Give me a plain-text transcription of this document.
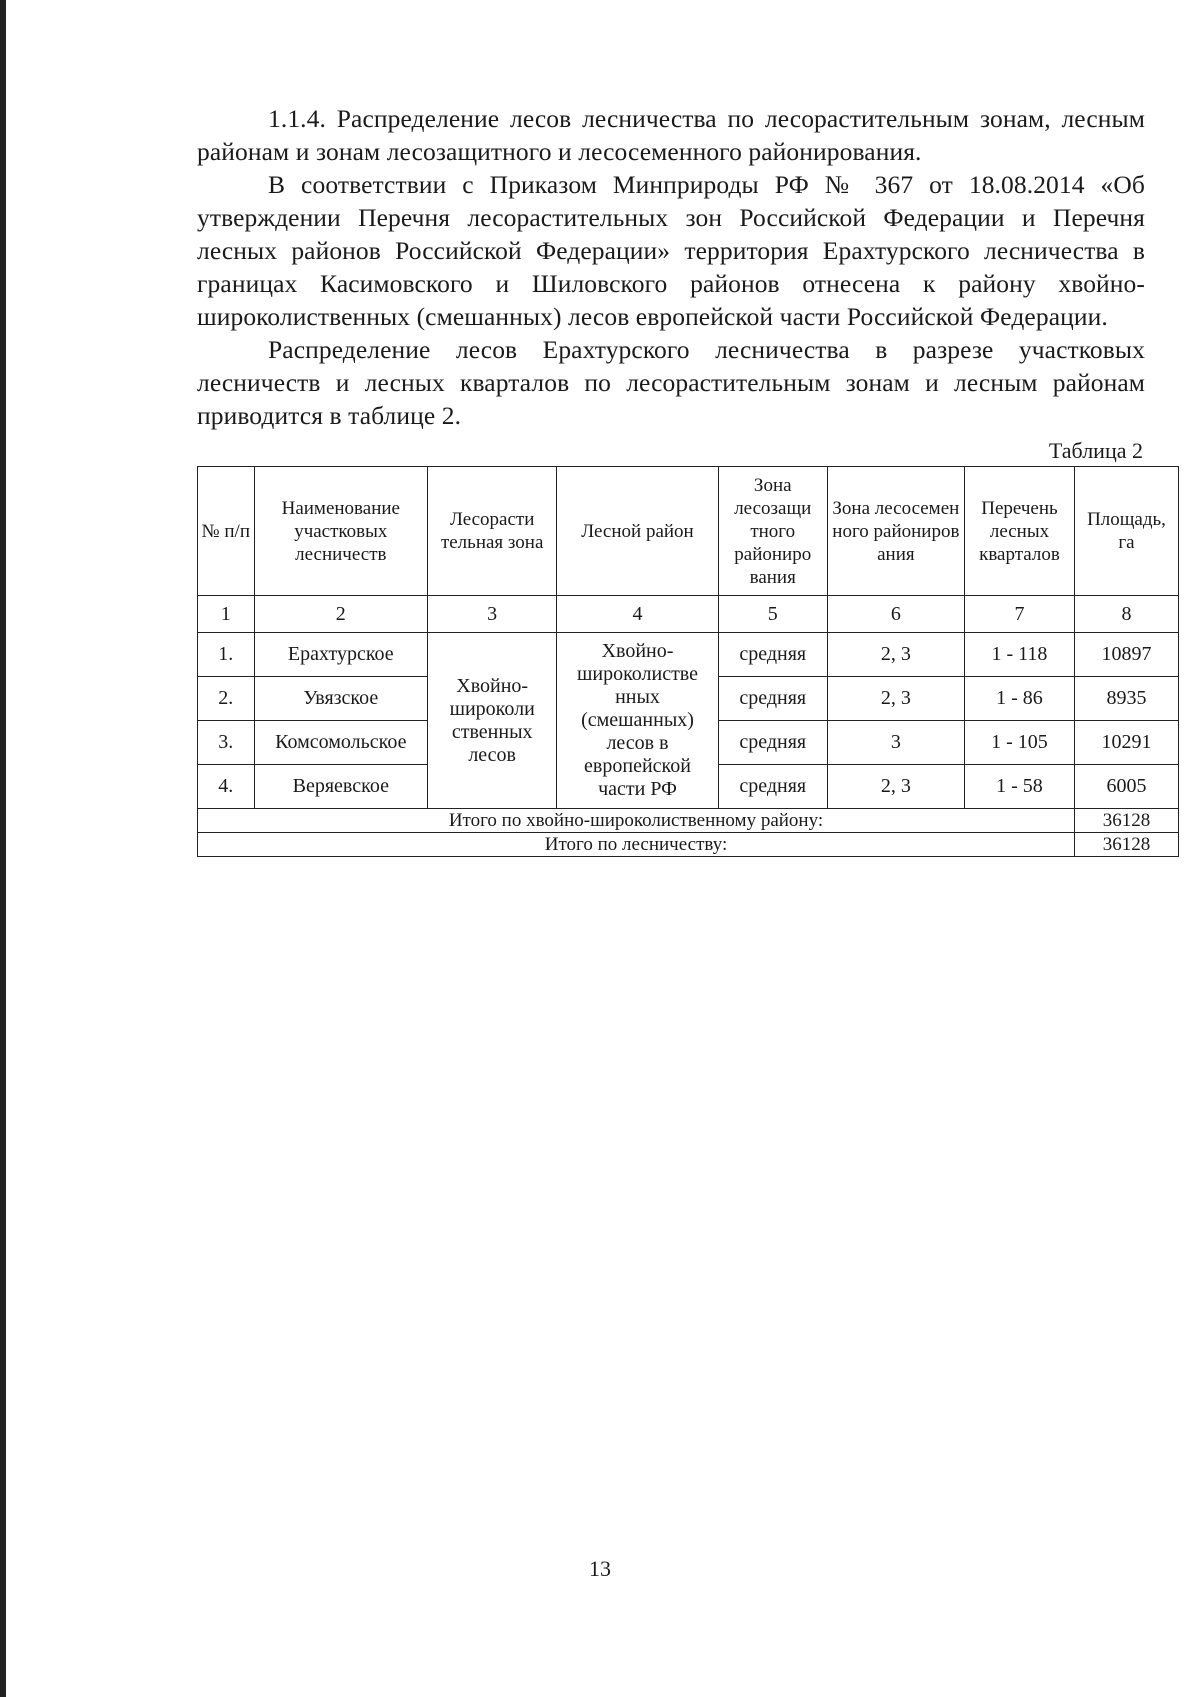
1.1.4. Распределение лесов лесничества по лесорастительным зонам, лесным районам и зонам лесозащитного и лесосеменного районирования.

В соответствии с Приказом Минприроды РФ № 367 от 18.08.2014 «Об утверждении Перечня лесорастительных зон Российской Федерации и Перечня лесных районов Российской Федерации» территория Ерахтурского лесничества в границах Касимовского и Шиловского районов отнесена к району хвойно-широколиственных (смешанных) лесов европейской части Российской Федерации.

Распределение лесов Ерахтурского лесничества в разрезе участковых лесничеств и лесных кварталов по лесорастительным зонам и лесным районам приводится в таблице 2.

Таблица 2
№ п/п	Наименование участковых лесничеств	Лесорасти тельная зона	Лесной район	Зона лесозащи тного райониро вания	Зона лесосемен ного райониров ания	Перечень лесных кварталов	Площадь, га
1	2	3	4	5	6	7	8
1.	Ерахтурское	Хвойно-широколи ственных лесов	Хвойно-широколистве нных (смешанных) лесов в европейской части РФ	средняя	2, 3	1 - 118	10897
2.	Увязское			средняя	2, 3	1 - 86	8935
3.	Комсомольское			средняя	3	1 - 105	10291
4.	Веряевское			средняя	2, 3	1 - 58	6005
Итого по хвойно-широколиственному району:							36128
Итого по лесничеству:							36128
13
